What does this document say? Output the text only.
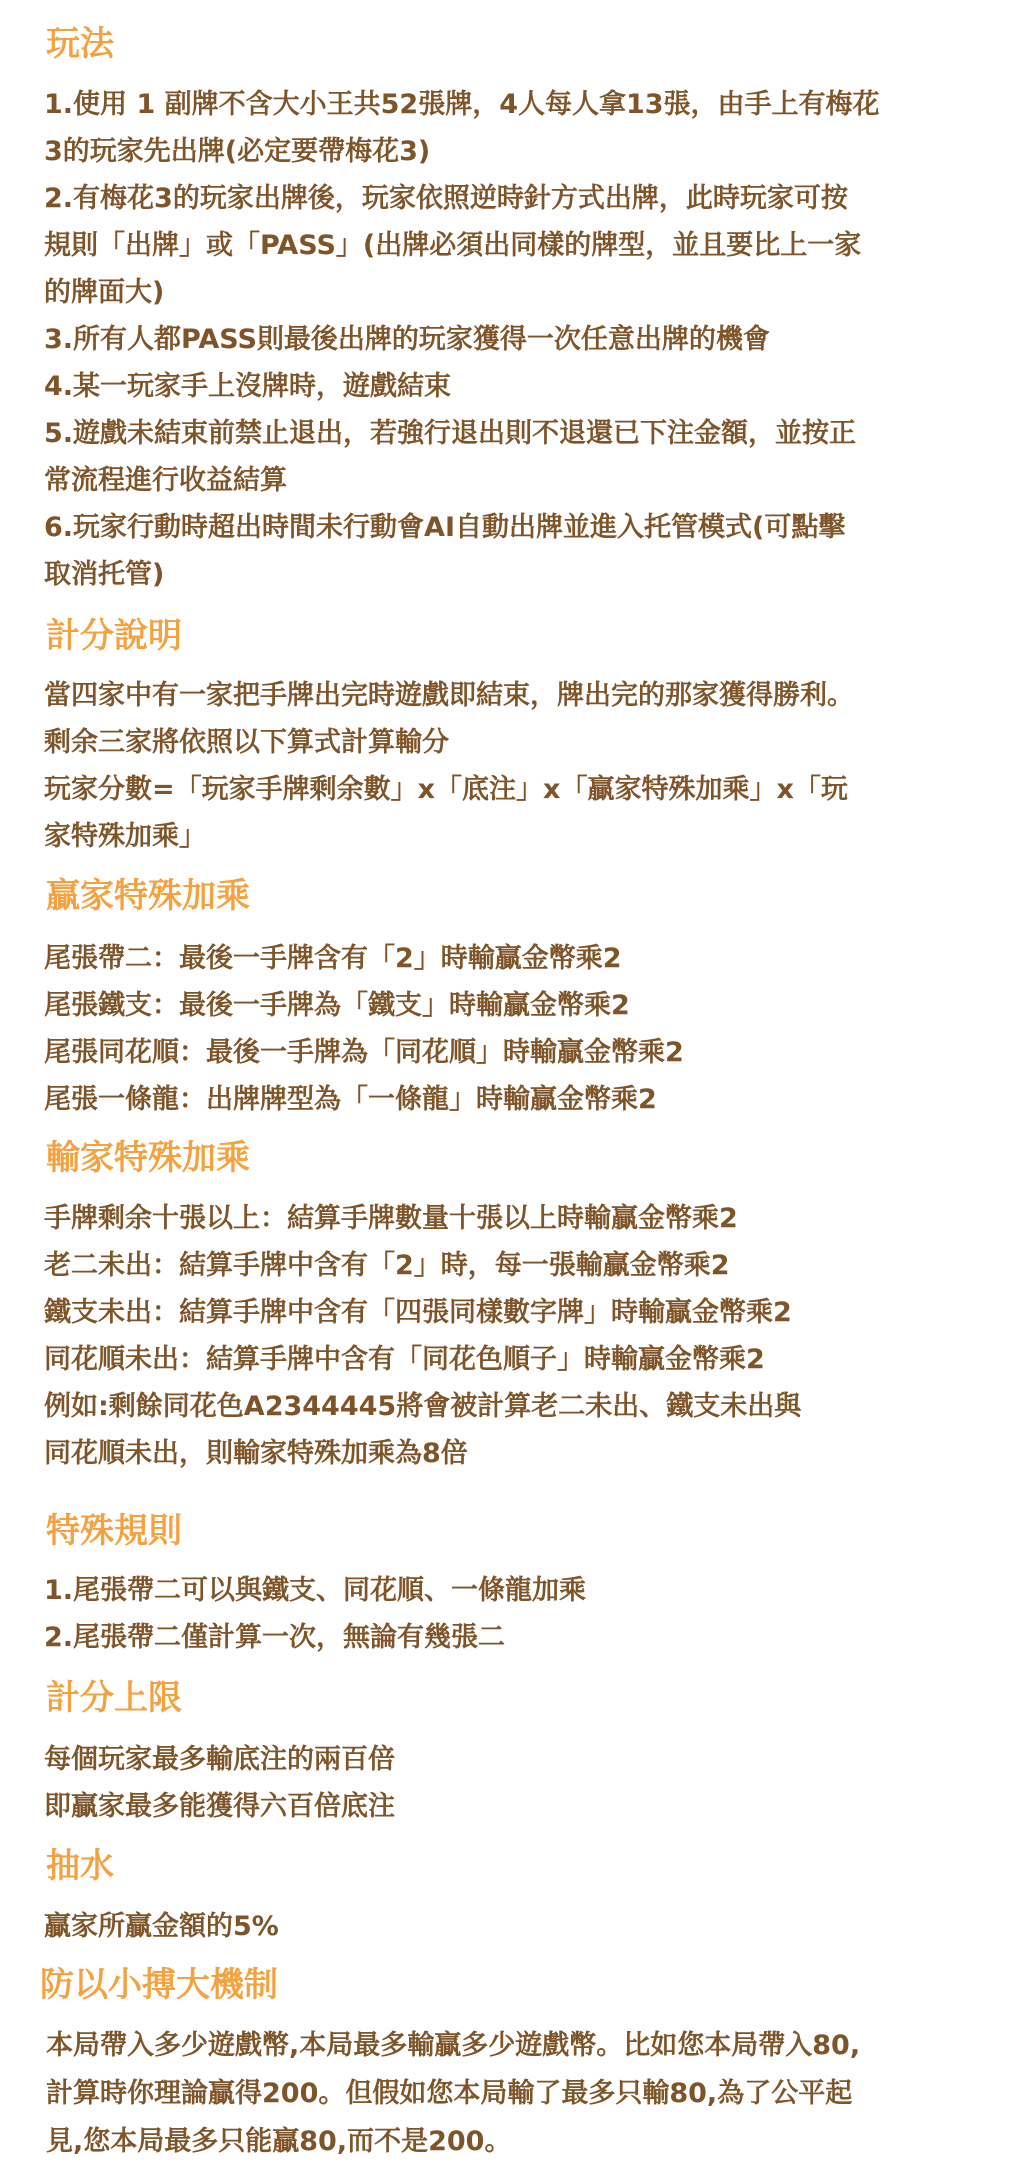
玩法
1.使用 1 副牌不含大小王共52張牌，4人每人拿13張，由手上有梅花
3的玩家先出牌(必定要帶梅花3)
2.有梅花3的玩家出牌後，玩家依照逆時針方式出牌，此時玩家可按
規則「出牌」或「PASS」(出牌必須出同樣的牌型，並且要比上一家
的牌面大)
3.所有人都PASS則最後出牌的玩家獲得一次任意出牌的機會
4.某一玩家手上沒牌時，遊戲結束
5.遊戲未結束前禁止退出，若強行退出則不退還已下注金額，並按正
常流程進行收益結算
6.玩家行動時超出時間未行動會AI自動出牌並進入托管模式(可點擊
取消托管)
計分說明
當四家中有一家把手牌出完時遊戲即結束，牌出完的那家獲得勝利。
剩余三家將依照以下算式計算輸分
玩家分數=「玩家手牌剩余數」x「底注」x「贏家特殊加乘」x「玩
家特殊加乘」
贏家特殊加乘
尾張帶二：最後一手牌含有「2」時輸贏金幣乘2
尾張鐵支：最後一手牌為「鐵支」時輸贏金幣乘2
尾張同花順：最後一手牌為「同花順」時輸贏金幣乘2
尾張一條龍：出牌牌型為「一條龍」時輸贏金幣乘2
輸家特殊加乘
手牌剩余十張以上：結算手牌數量十張以上時輸贏金幣乘2
老二未出：結算手牌中含有「2」時，每一張輸贏金幣乘2
鐵支未出：結算手牌中含有「四張同樣數字牌」時輸贏金幣乘2
同花順未出：結算手牌中含有「同花色順子」時輸贏金幣乘2
例如:剩餘同花色A2344445將會被計算老二未出、鐵支未出與
同花順未出，則輸家特殊加乘為8倍
特殊規則
1.尾張帶二可以與鐵支、同花順、一條龍加乘
2.尾張帶二僅計算一次，無論有幾張二
計分上限
每個玩家最多輸底注的兩百倍
即贏家最多能獲得六百倍底注
抽水
贏家所贏金額的5%
防以小搏大機制
本局帶入多少遊戲幣,本局最多輸贏多少遊戲幣。比如您本局帶入80,
計算時你理論贏得200。但假如您本局輸了最多只輸80,為了公平起
見,您本局最多只能贏80,而不是200。
